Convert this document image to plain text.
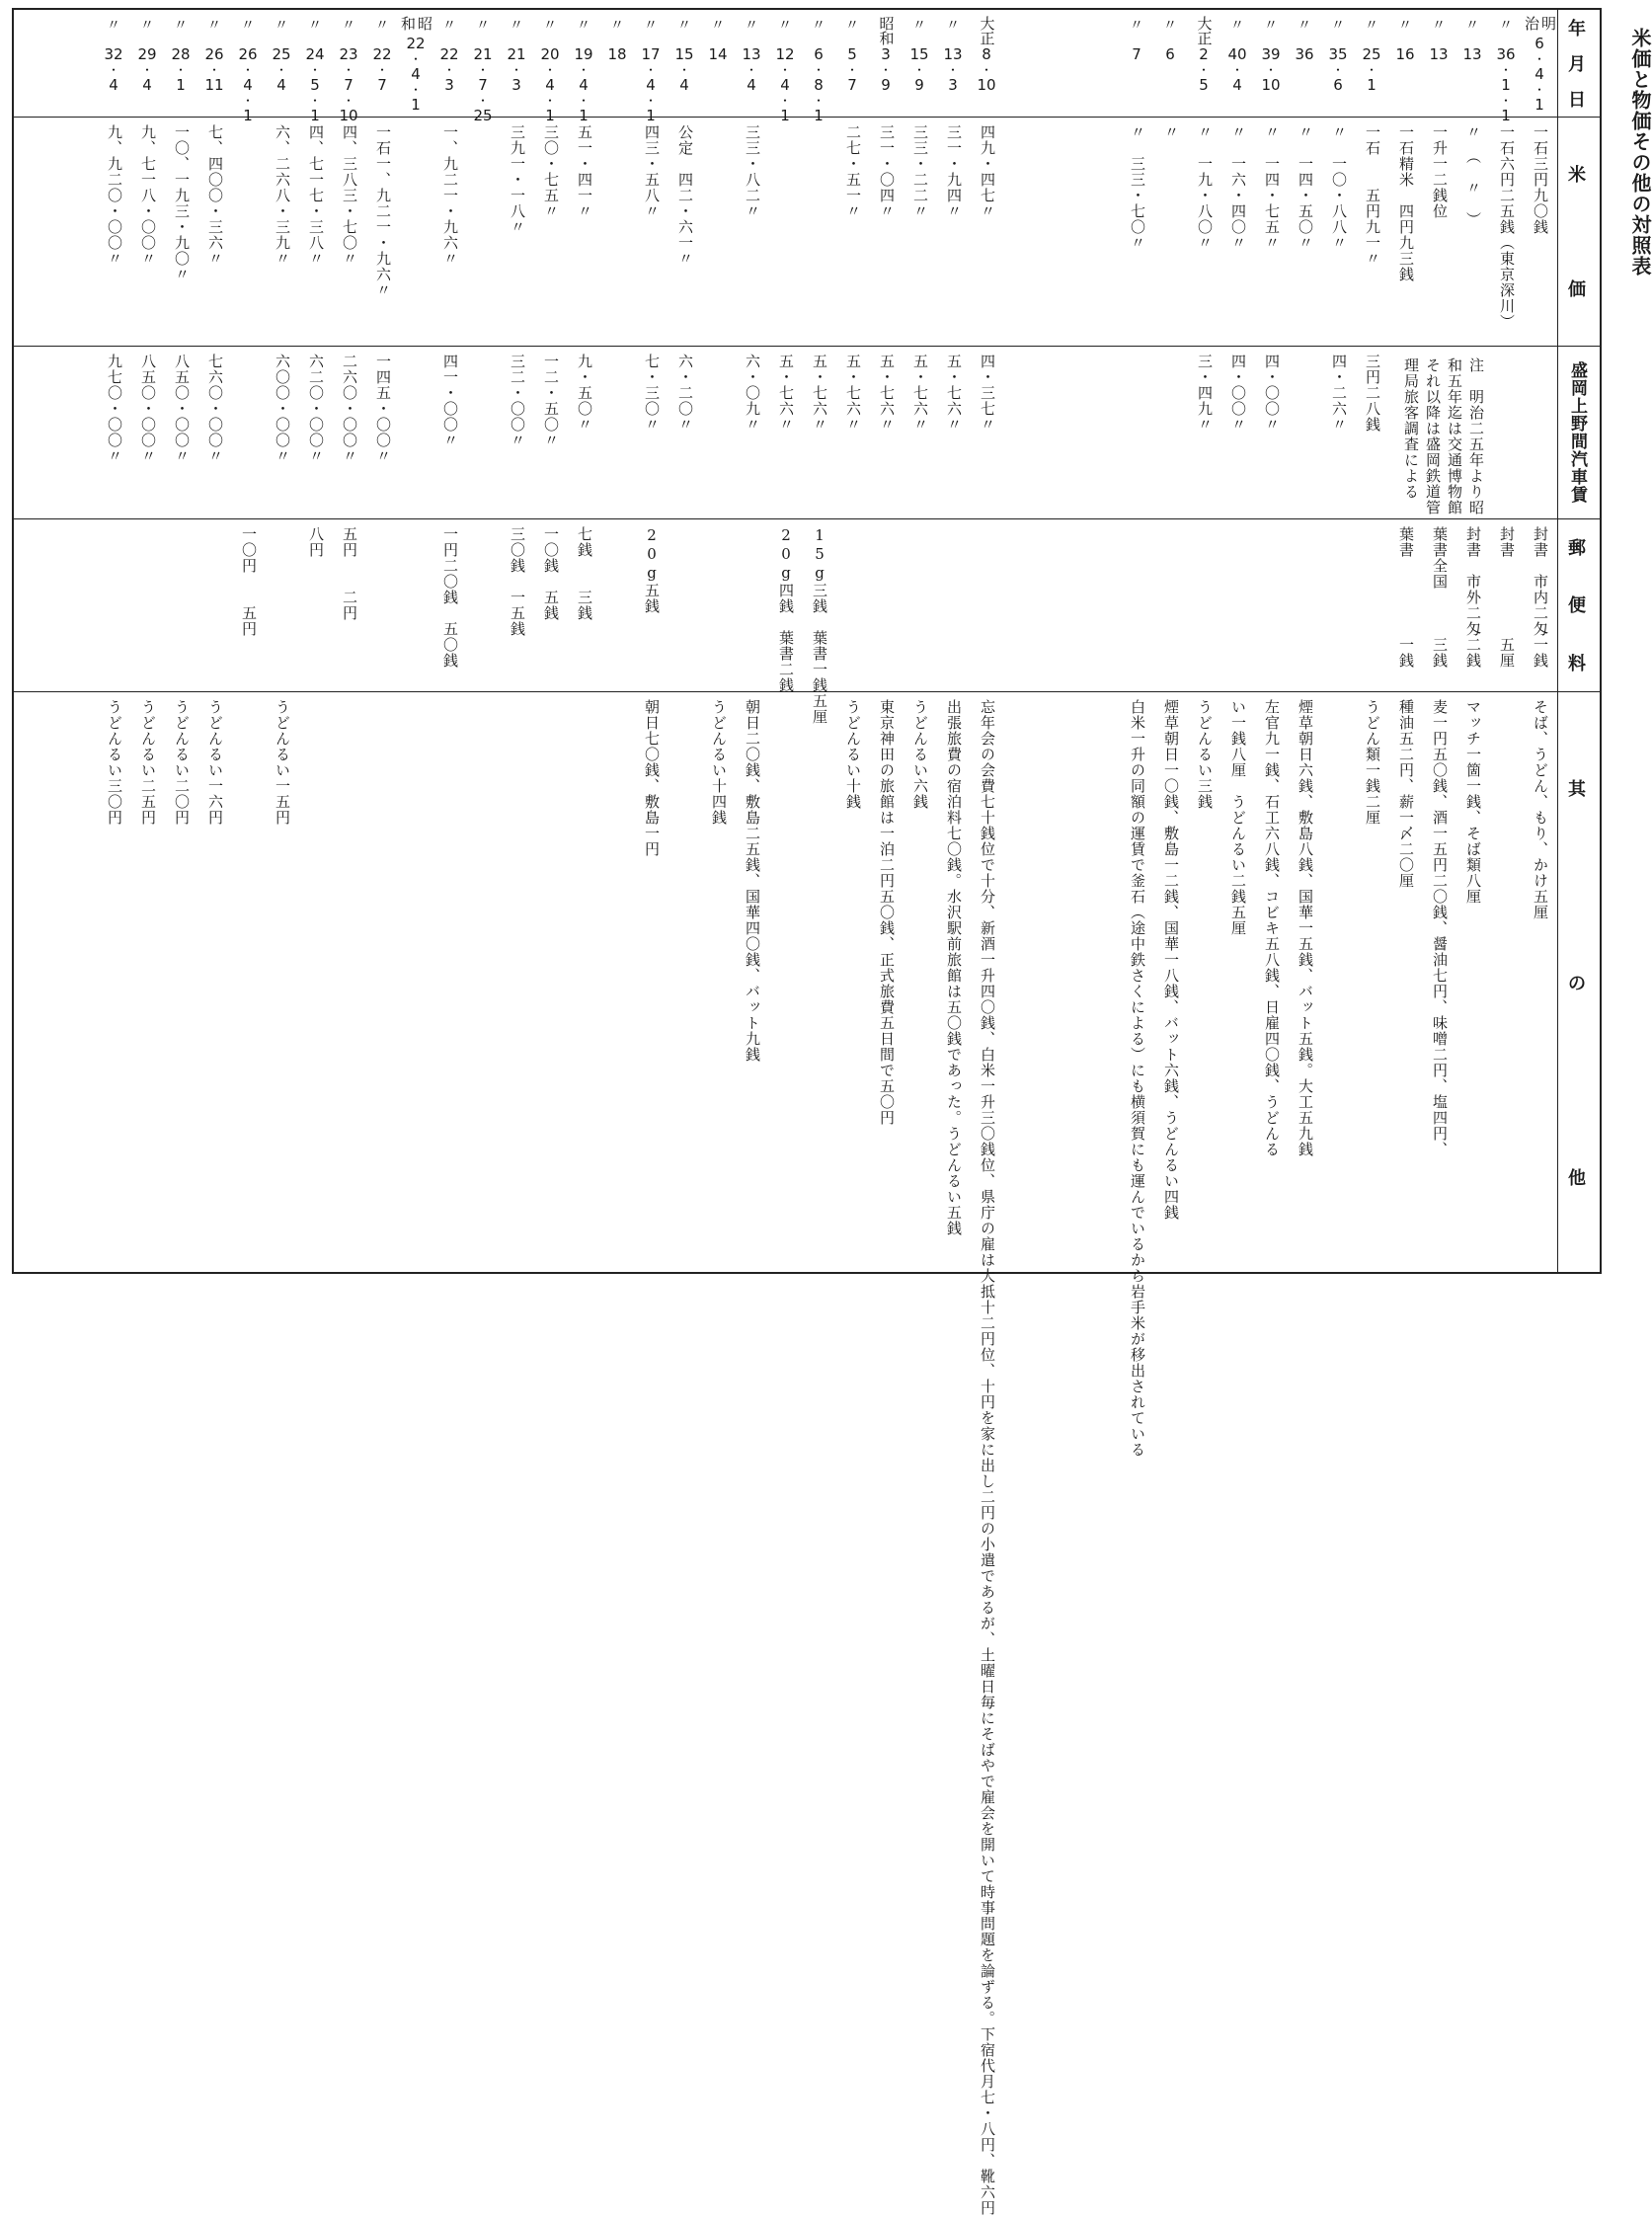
米価と物価その他の対照表
年
月
日
米
価
盛岡上野間汽車賃
郵
便
料
其
の
他
明治
6
・
4
・
1
一石三円九〇銭
封書　市内二匁一銭
そば、うどん、もり、かけ五厘
〃
36
・
1
・
1
一石六円二五銭（東京深川）
封書　　　　　五厘
〃
13
〃　（　〃　）
封書　市外二匁二銭
マッチ一箇一銭、そば類八厘
〃
13
一升一二銭位
葉書全国　　　三銭
麦一円五〇銭、酒一五円二〇銭、醤油七円、味噌二円、塩四円、
〃
16
一石精米　四円九三銭
葉書　　　　　一銭
種油五二円、薪一〆二〇厘
〃
25
・
1
一石　　五円九一〃
三円二八銭
うどん類一銭二厘
〃
35
・
6
〃　一〇・八八〃
四・二六〃
〃
36
〃　一四・五〇〃
煙草朝日六銭、敷島八銭、国華一五銭、バット五銭。大工五九銭
〃
39
・
10
〃　一四・七五〃
四・〇〇〃
左官九一銭、石工六八銭、コビキ五八銭、日雇四〇銭、うどんる
〃
40
・
4
〃　一六・四〇〃
四・〇〇〃
い一銭八厘　うどんるい二銭五厘
大正
2
・
5
〃　一九・八〇〃
三・四九〃
うどんるい三銭
〃
6
〃
煙草朝日一〇銭、敷島一二銭、国華一八銭、バット六銭、うどんるい四銭
〃
7
〃　三三・七〇〃
白米一升の同額の運賃で釜石（途中鉄さくによる）にも横須賀にも運んでいるから岩手米が移出されている
大正
8
・
10
四九・四七〃
四・三七〃
忘年会の会費七十銭位で十分、新酒一升四〇銭、白米一升三〇銭位、県庁の雇は大抵十二円位、十円を家に出し二円の小遣であるが、土曜日毎にそばやで雇会を開いて時事問題を論ずる。下宿代月七・八円、靴六円
〃
13
・
3
三一・九四〃
五・七六〃
出張旅費の宿泊料七〇銭。水沢駅前旅館は五〇銭であった。うどんるい五銭
〃
15
・
9
三三・二二〃
五・七六〃
うどんるい六銭
昭和
3
・
9
三一・〇四〃
五・七六〃
東京神田の旅館は一泊二円五〇銭、正式旅費五日間で五〇円
〃
5
・
7
二七・五一〃
五・七六〃
うどんるい十銭
〃
6
・
8
・
1
五・七六〃
15g三銭　葉書一銭五厘
〃
12
・
4
・
1
五・七六〃
20g四銭　葉書二銭
〃
13
・
4
三三・八二〃
六・〇九〃
朝日二〇銭、敷島二五銭、国華四〇銭、バット九銭
〃
14
うどんるい十四銭
〃
15
・
4
公定　四二・六一〃
六・二〇〃
〃
17
・
4
・
1
四三・五八〃
七・三〇〃
20g五銭
朝日七〇銭、敷島一円
〃
18
〃
19
・
4
・
1
五一・四一〃
九・五〇〃
七銭　　三銭
〃
20
・
4
・
1
三〇・七五〃
一二・五〇〃
一〇銭　五銭
〃
21
・
3
三九一・一八〃
三二・〇〇〃
三〇銭　一五銭
〃
21
・
7
・
25
〃
22
・
3
一、九二一・九六〃
四一・〇〇〃
一円二〇銭　五〇銭
昭和
22
・
4
・
1
〃
22
・
7
一石一、九二一・九六〃
一四五・〇〇〃
〃
23
・
7
・
10
四、三八三・七〇〃
二六〇・〇〇〃
五円　　二円
〃
24
・
5
・
1
四、七一七・三八〃
六二〇・〇〇〃
八円
〃
25
・
4
六、二六八・三九〃
六〇〇・〇〇〃
うどんるい一五円
〃
26
・
4
・
1
一〇円　　五円
〃
26
・
11
七、四〇〇・三六〃
七六〇・〇〇〃
うどんるい一六円
〃
28
・
1
一〇、一九三・九〇〃
八五〇・〇〇〃
うどんるい二〇円
〃
29
・
4
九、七一八・〇〇〃
八五〇・〇〇〃
うどんるい二五円
〃
32
・
4
九、九二〇・〇〇〃
九七〇・〇〇〃
うどんるい三〇円
注　明治二五年より昭和五年迄は交通博物館それ以降は盛岡鉄道管理局旅客調査による
